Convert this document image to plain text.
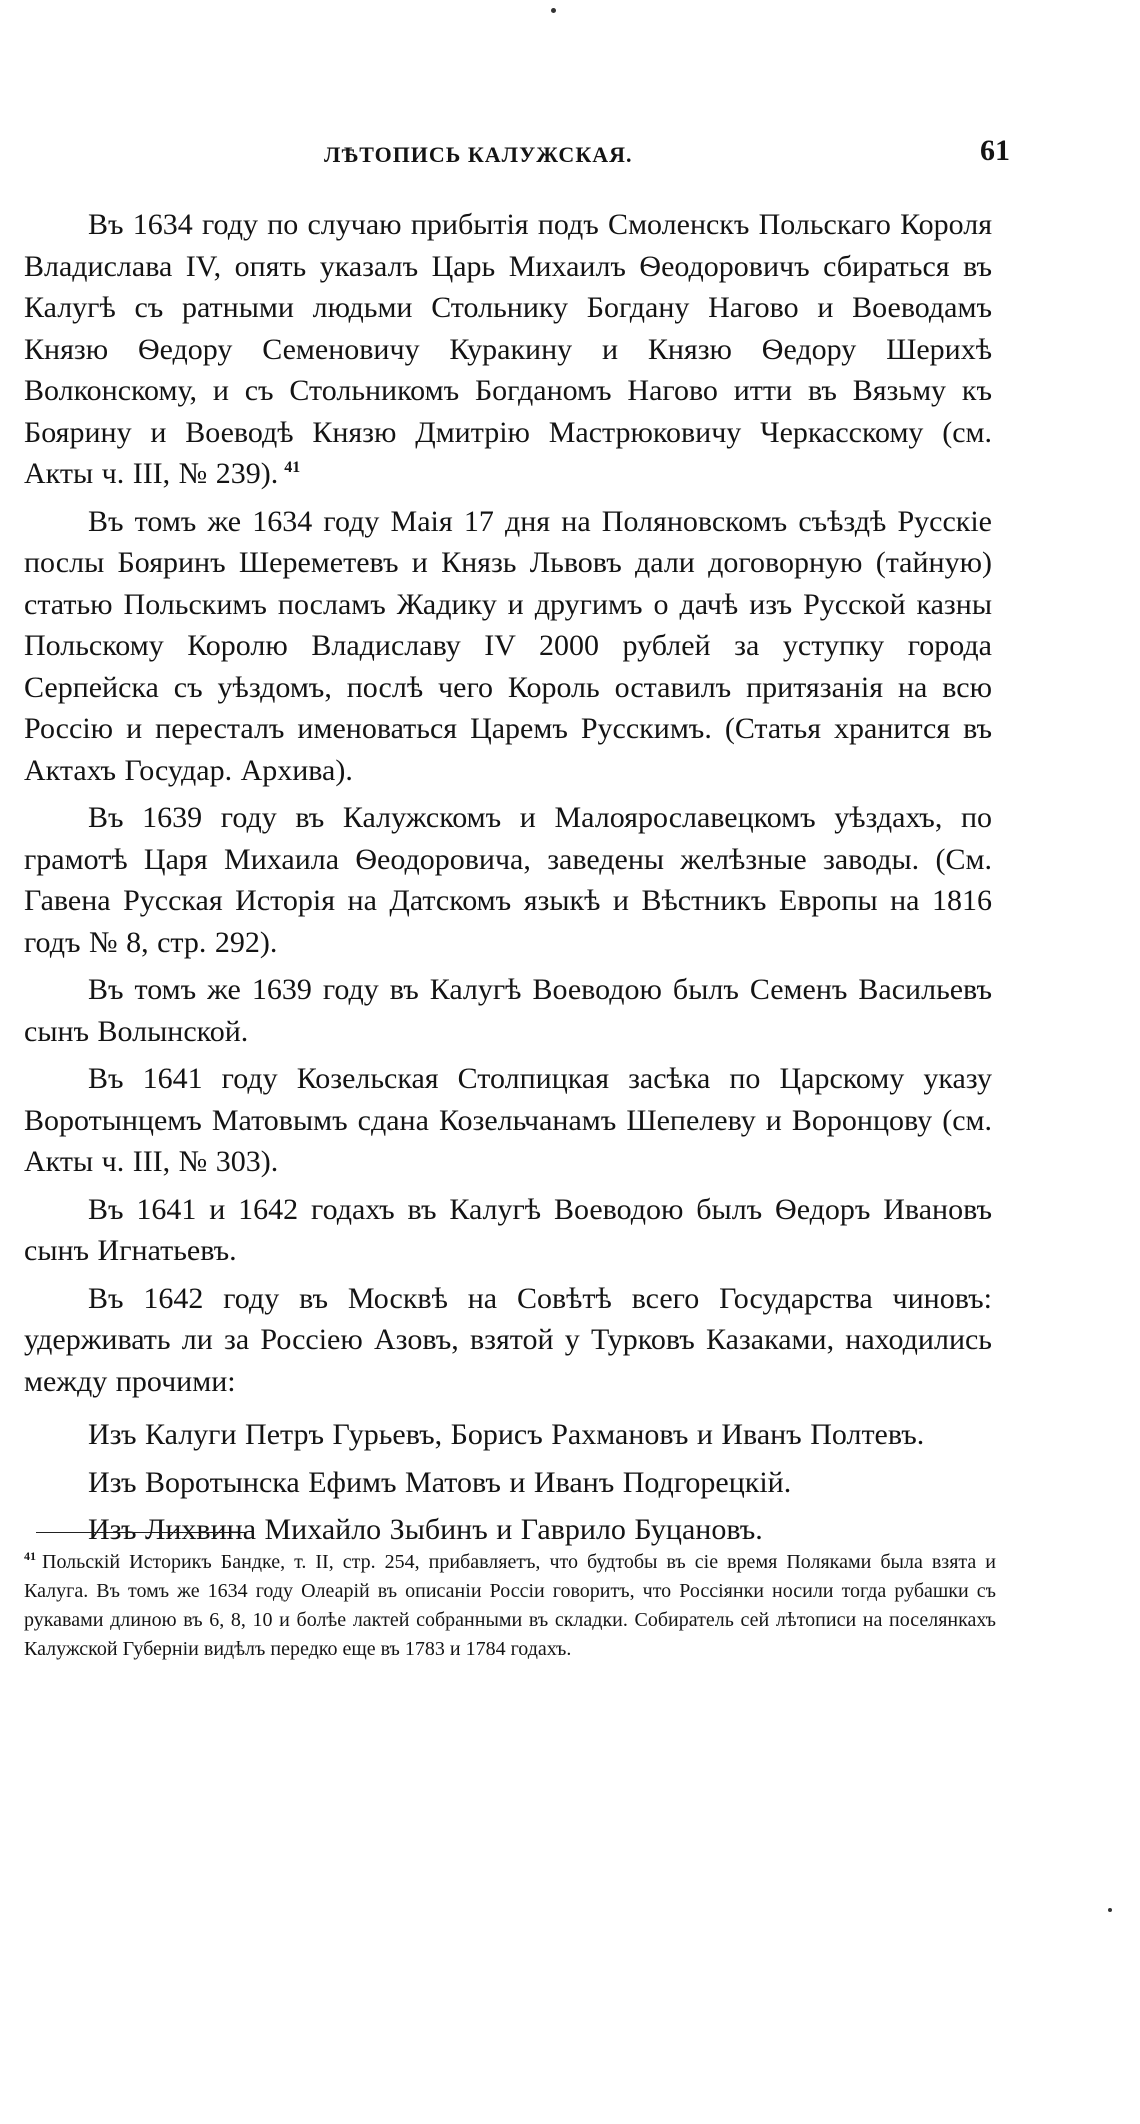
ЛѢТОПИСЬ КАЛУЖСКАЯ.	61

Въ 1634 году по случаю прибытія подъ Смоленскъ Польскаго Короля Владислава IV, опять указалъ Царь Михаилъ Ѳеодоровичъ сбираться въ Калугѣ съ ратными людьми Стольнику Богдану Нагово и Воеводамъ Князю Ѳедору Семеновичу Куракину и Князю Ѳедору Шерихѣ Волконскому, и съ Стольникомъ Богданомъ Нагово итти въ Вязьму къ Боярину и Воеводѣ Князю Дмитрію Мастрюковичу Черкасскому (см. Акты ч. III, № 239). $^{41}$

Въ томъ же 1634 году Маія 17 дня на Поляновскомъ съѣздѣ Русскіе послы Бояринъ Шереметевъ и Князь Львовъ дали договорную (тайную) статью Польскимъ посламъ Жадику и другимъ о дачѣ изъ Русской казны Польскому Королю Владиславу IV 2000 рублей за уступку города Серпейска съ уѣздомъ, послѣ чего Король оставилъ притязанія на всю Россію и пересталъ именоваться Царемъ Русскимъ. (Статья хранится въ Актахъ Государ. Архива).

Въ 1639 году въ Калужскомъ и Малоярославецкомъ уѣздахъ, по грамотѣ Царя Михаила Ѳеодоровича, заведены желѣзные заводы. (См. Гавена Русская Исторія на Датскомъ языкѣ и Вѣстникъ Европы на 1816 годъ № 8, стр. 292).

Въ томъ же 1639 году въ Калугѣ Воеводою былъ Семенъ Васильевъ сынъ Волынской.

Въ 1641 году Козельская Столпицкая засѣка по Царскому указу Воротынцемъ Матовымъ сдана Козельчанамъ Шепелеву и Воронцову (см. Акты ч. III, № 303).

Въ 1641 и 1642 годахъ въ Калугѣ Воеводою былъ Ѳедоръ Ивановъ сынъ Игнатьевъ.

Въ 1642 году въ Москвѣ на Совѣтѣ всего Государства чиновъ: удерживать ли за Россіею Азовъ, взятой у Турковъ Казаками, находились между прочими:

Изъ Калуги Петръ Гурьевъ, Борисъ Рахмановъ и Иванъ Полтевъ.

Изъ Воротынска Ефимъ Матовъ и Иванъ Подгорецкій.

Изъ Лихвина Михайло Зыбинъ и Гаврило Буцановъ.

$^{41}$ Польскій Историкъ Бандке, т. II, стр. 254, прибавляетъ, что будтобы въ сіе время Поляками была взята и Калуга. Въ томъ же 1634 году Олеарій въ описаніи Россіи говоритъ, что Россіянки носили тогда рубашки съ рукавами длиною въ 6, 8, 10 и болѣе лактей собранными въ складки. Собиратель сей лѣтописи на поселянкахъ Калужской Губерніи видѣлъ передко еще въ 1783 и 1784 годахъ.
